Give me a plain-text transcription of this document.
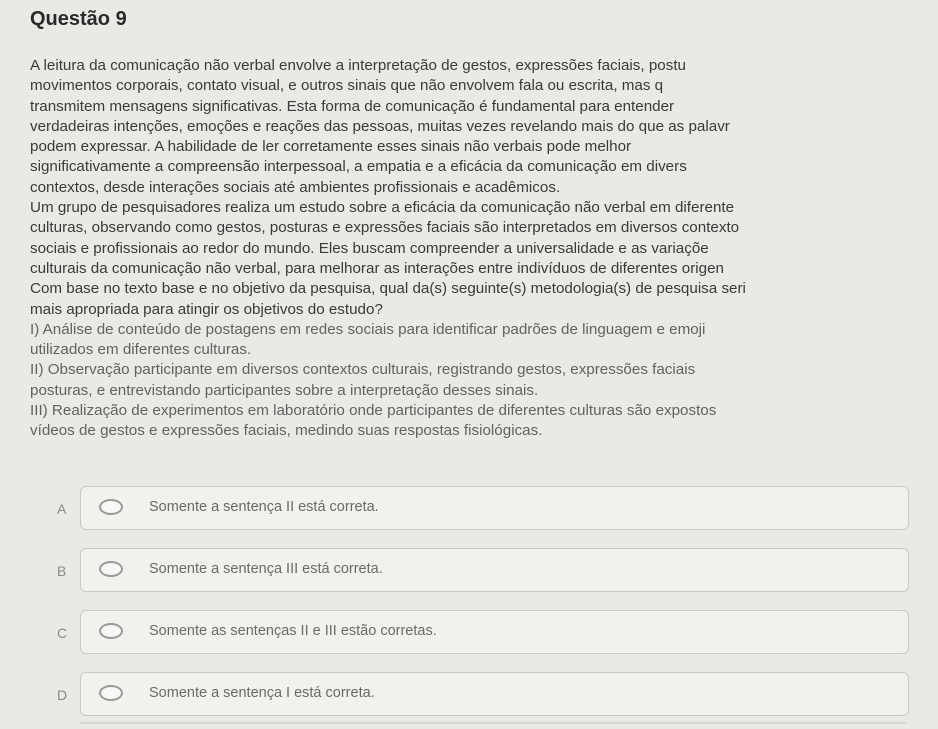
Questão 9
A leitura da comunicação não verbal envolve a interpretação de gestos, expressões faciais, postu
movimentos corporais, contato visual, e outros sinais que não envolvem fala ou escrita, mas q
transmitem mensagens significativas. Esta forma de comunicação é fundamental para entender
verdadeiras intenções, emoções e reações das pessoas, muitas vezes revelando mais do que as palavr
podem expressar. A habilidade de ler corretamente esses sinais não verbais pode melhor
significativamente a compreensão interpessoal, a empatia e a eficácia da comunicação em divers
contextos, desde interações sociais até ambientes profissionais e acadêmicos.
Um grupo de pesquisadores realiza um estudo sobre a eficácia da comunicação não verbal em diferente
culturas, observando como gestos, posturas e expressões faciais são interpretados em diversos contexto
sociais e profissionais ao redor do mundo. Eles buscam compreender a universalidade e as variaçõe
culturais da comunicação não verbal, para melhorar as interações entre indivíduos de diferentes origen
Com base no texto base e no objetivo da pesquisa, qual da(s) seguinte(s) metodologia(s) de pesquisa seri
mais apropriada para atingir os objetivos do estudo?
I) Análise de conteúdo de postagens em redes sociais para identificar padrões de linguagem e emoji
utilizados em diferentes culturas.
II) Observação participante em diversos contextos culturais, registrando gestos, expressões faciais
posturas, e entrevistando participantes sobre a interpretação desses sinais.
III) Realização de experimentos em laboratório onde participantes de diferentes culturas são expostos
vídeos de gestos e expressões faciais, medindo suas respostas fisiológicas.
A	Somente a sentença II está correta.
B	Somente a sentença III está correta.
C	Somente as sentenças II e III estão corretas.
D	Somente a sentença I está correta.
